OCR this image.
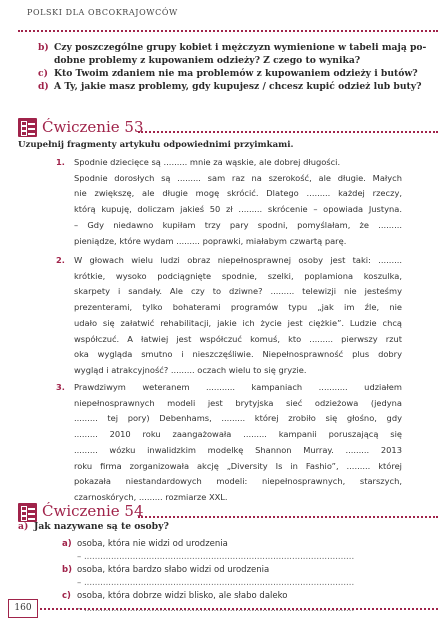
POLSKI DLA OBCOKRAJOWCÓW
b) Czy poszczególne grupy kobiet i mężczyzn wymienione w tabeli mają po-
dobne problemy z kupowaniem odzieży? Z czego to wynika?
c) Kto Twoim zdaniem nie ma problemów z kupowaniem odzieży i butów?
d) A Ty, jakie masz problemy, gdy kupujesz / chcesz kupić odzież lub buty?
Ćwiczenie 53
Uzupełnij fragmenty artykułu odpowiednimi przyimkami.
1. Spodnie dziecięce są ......... mnie za wąskie, ale dobrej długości.
Spodnie dorosłych są ......... sam raz na szerokość, ale długie. Małych
nie zwiększę, ale długie mogę skrócić. Dlatego ......... każdej rzeczy,
którą kupuję, doliczam jakieś 50 zł ......... skrócenie – opowiada Justyna.
– Gdy niedawno kupiłam trzy pary spodni, pomyślałam, że .........
pieniądze, które wydam ......... poprawki, miałabym czwartą parę.
2. W głowach wielu ludzi obraz niepełnosprawnej osoby jest taki: .........
krótkie, wysoko podciągnięte spodnie, szelki, poplamiona koszulka,
skarpety i sandały. Ale czy to dziwne? ......... telewizji nie jesteśmy
prezenterami, tylko bohaterami programów typu „jak im źle, nie
udało się załatwić rehabilitacji, jakie ich życie jest ciężkie”. Ludzie chcą
współczuć. A łatwiej jest współczuć komuś, kto ......... pierwszy rzut
oka wygląda smutno i nieszczęśliwie. Niepełnosprawność plus dobry
wygląd i atrakcyjność? ......... oczach wielu to się gryzie.
3. Prawdziwym weteranem ........... kampaniach ........... udziałem
niepełnosprawnych modeli jest brytyjska sieć odzieżowa (jedyna
......... tej pory) Debenhams, ......... której zrobiło się głośno, gdy
......... 2010 roku zaangażowała ......... kampanii poruszającą się
......... wózku inwalidzkim modelkę Shannon Murray. ......... 2013
roku firma zorganizowała akcję „Diversity Is in Fashio”, ......... której
pokazała niestandardowych modeli: niepełnosprawnych, starszych,
czarnoskórych, ......... rozmiarze XXL.
Ćwiczenie 54
a) Jak nazywane są te osoby?
a) osoba, która nie widzi od urodzenia
– ....................................................................................................
b) osoba, która bardzo słabo widzi od urodzenia
– ....................................................................................................
c) osoba, która dobrze widzi blisko, ale słabo daleko
– ....................................................................................................
160
